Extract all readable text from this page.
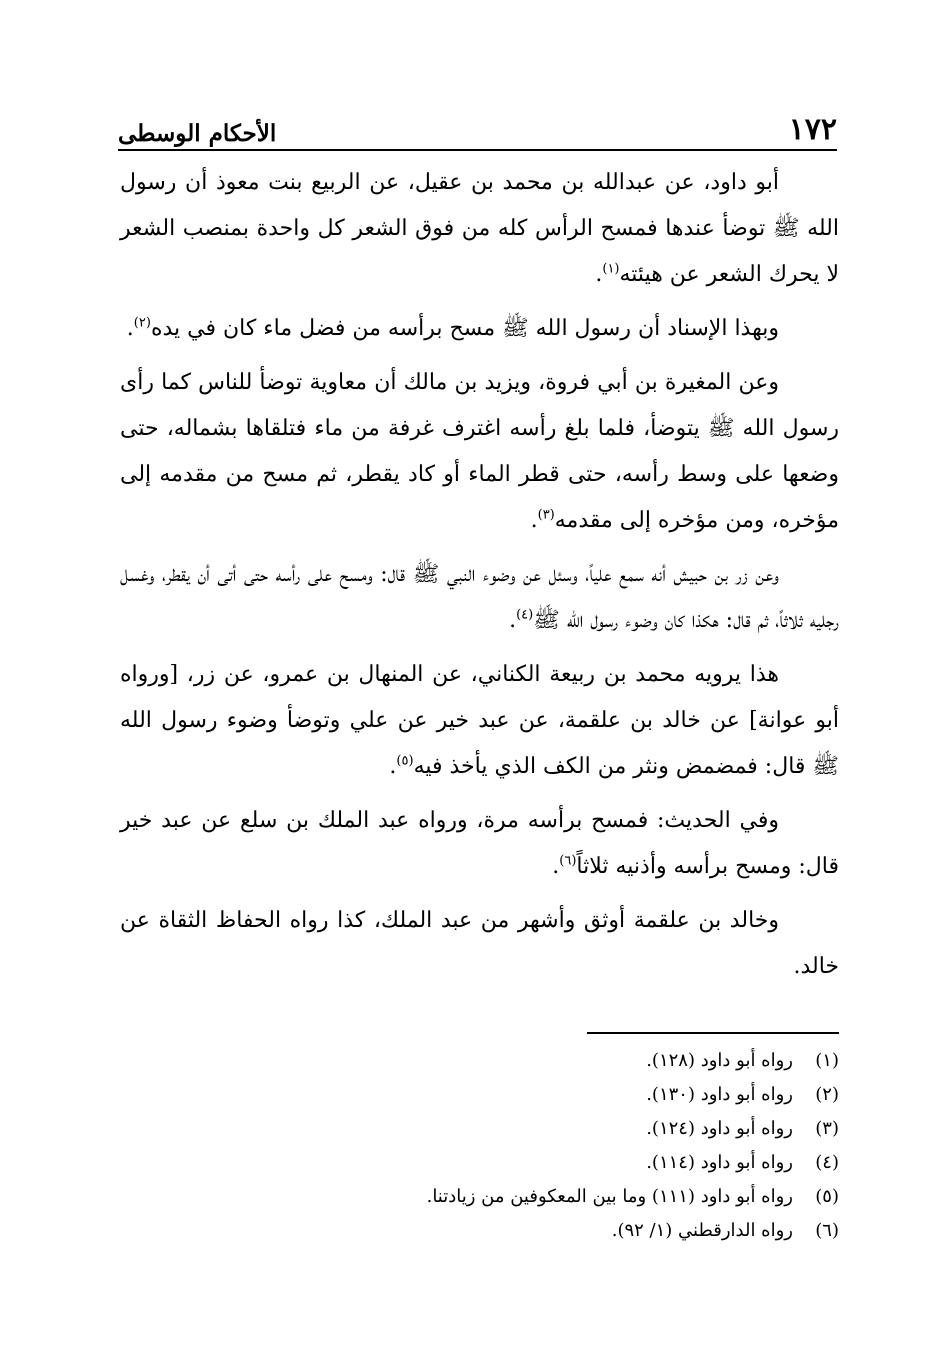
١٧٢
الأحكام الوسطى

أبو داود، عن عبدالله بن محمد بن عقيل، عن الربيع بنت معوذ أن رسول الله ﷺ توضأ عندها فمسح الرأس كله من فوق الشعر كل واحدة بمنصب الشعر لا يحرك الشعر عن هيئته$^{(١)}$.

وبهذا الإسناد أن رسول الله ﷺ مسح برأسه من فضل ماء كان في يده$^{(٢)}$.

وعن المغيرة بن أبي فروة، ويزيد بن مالك أن معاوية توضأ للناس كما رأى رسول الله ﷺ يتوضأ، فلما بلغ رأسه اغترف غرفة من ماء فتلقاها بشماله، حتى وضعها على وسط رأسه، حتى قطر الماء أو كاد يقطر، ثم مسح من مقدمه إلى مؤخره، ومن مؤخره إلى مقدمه$^{(٣)}$.

وعن زر بن حبيش أنه سمع علياً، وسئل عن وضوء النبي ﷺ قال: ومسح على رأسه حتى أتى أن يقطر، وغسل رجليه ثلاثاً، ثم قال: هكذا كان وضوء رسول الله ﷺ$^{(٤)}$.

هذا يرويه محمد بن ربيعة الكناني، عن المنهال بن عمرو، عن زر، [ورواه أبو عوانة] عن خالد بن علقمة، عن عبد خير عن علي وتوضأ وضوء رسول الله ﷺ قال: فمضمض ونثر من الكف الذي يأخذ فيه$^{(٥)}$.

وفي الحديث: فمسح برأسه مرة، ورواه عبد الملك بن سلع عن عبد خير قال: ومسح برأسه وأذنيه ثلاثاً$^{(٦)}$.

وخالد بن علقمة أوثق وأشهر من عبد الملك، كذا رواه الحفاظ الثقاة عن خالد.

(١)
رواه أبو داود (١٢٨).
(٢)
رواه أبو داود (١٣٠).
(٣)
رواه أبو داود (١٢٤).
(٤)
رواه أبو داود (١١٤).
(٥)
رواه أبو داود (١١١) وما بين المعكوفين من زيادتنا.
(٦)
رواه الدارقطني (١/ ٩٢).
